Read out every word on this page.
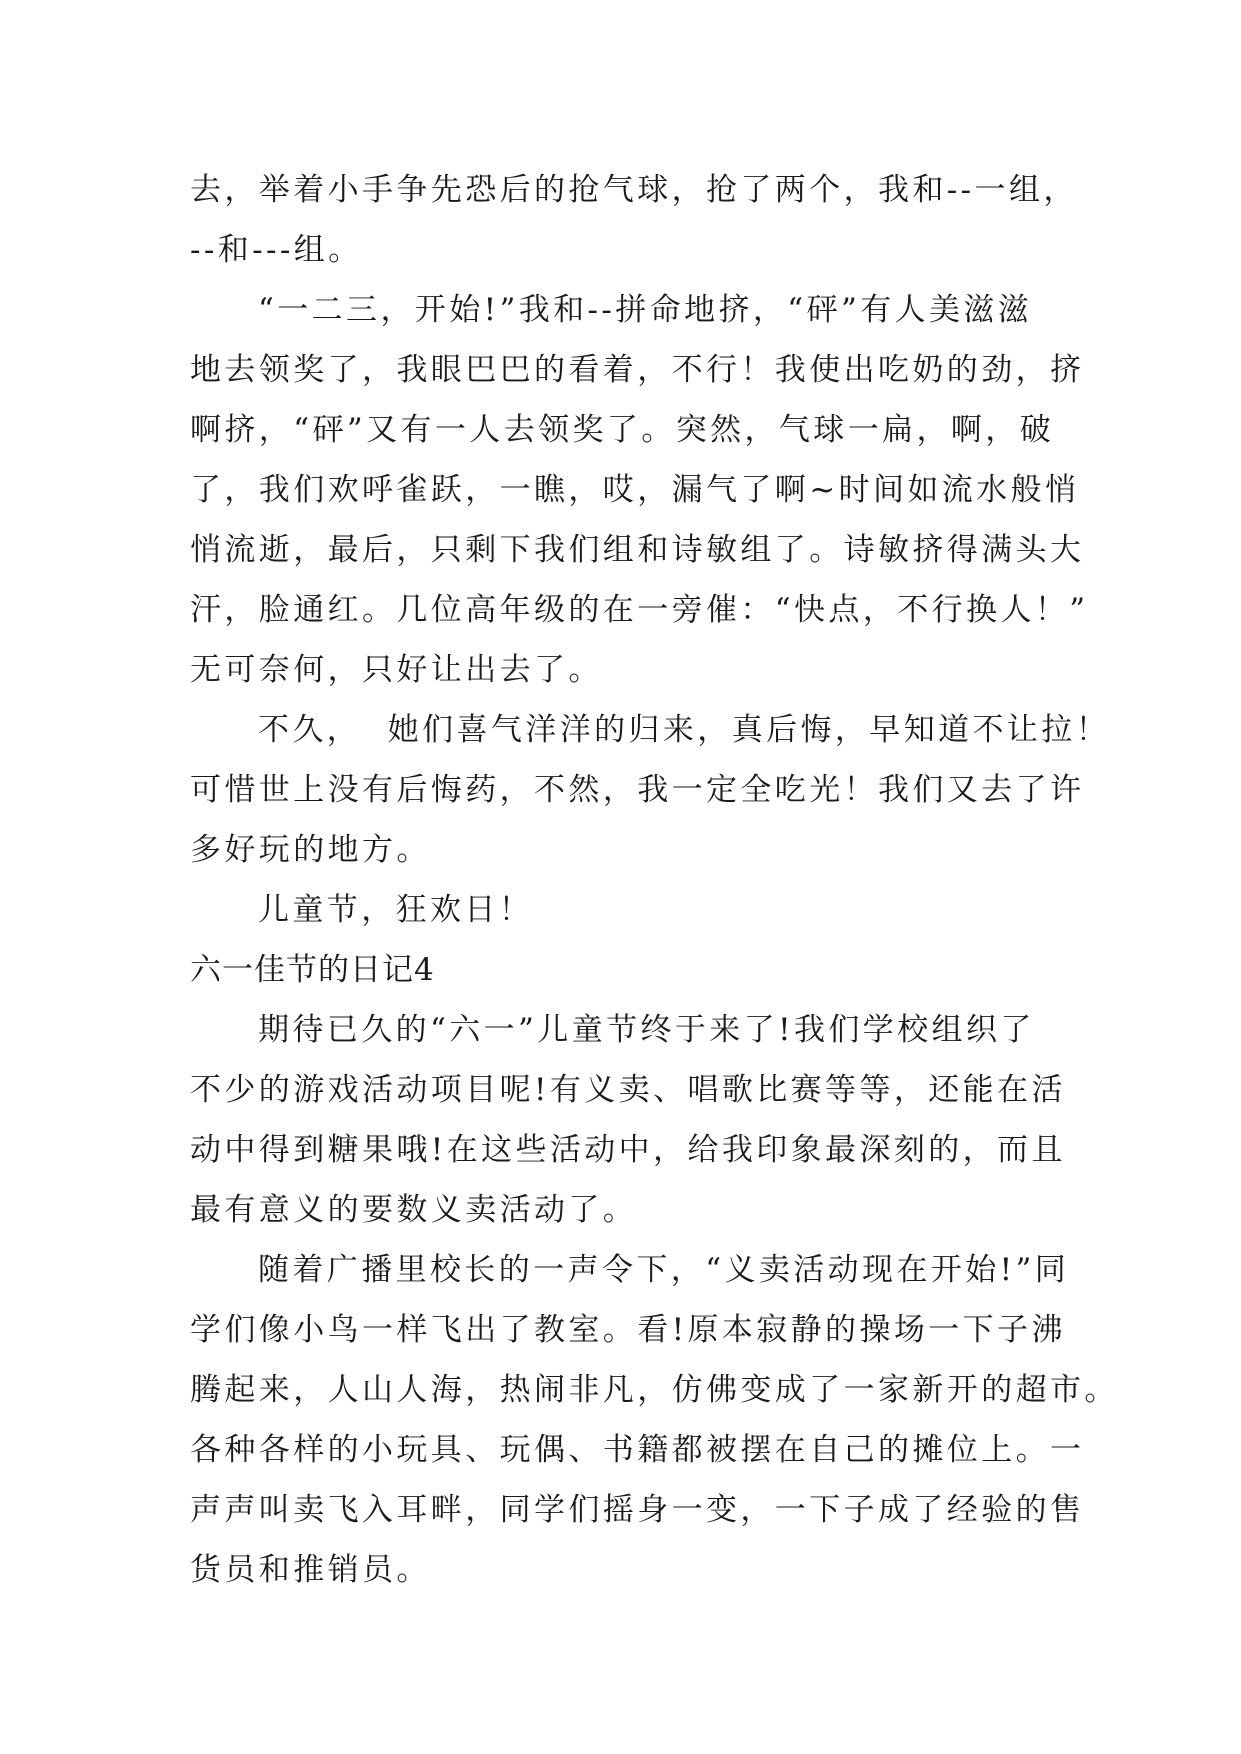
去，举着小手争先恐后的抢气球，抢了两个，我和--一组，
--和---组。
“一二三，开始!”我和--拼命地挤，“砰”有人美滋滋
地去领奖了，我眼巴巴的看着，不行！我使出吃奶的劲，挤
啊挤，“砰”又有一人去领奖了。突然，气球一扁，啊，破
了，我们欢呼雀跃，一瞧，哎，漏气了啊~时间如流水般悄
悄流逝，最后，只剩下我们组和诗敏组了。诗敏挤得满头大
汗，脸通红。几位高年级的在一旁催：“快点，不行换人！”
无可奈何，只好让出去了。
不久，  她们喜气洋洋的归来，真后悔，早知道不让拉！
可惜世上没有后悔药，不然，我一定全吃光！我们又去了许
多好玩的地方。
儿童节，狂欢日！
六一佳节的日记4
期待已久的“六一”儿童节终于来了!我们学校组织了
不少的游戏活动项目呢!有义卖、唱歌比赛等等，还能在活
动中得到糖果哦!在这些活动中，给我印象最深刻的，而且
最有意义的要数义卖活动了。
随着广播里校长的一声令下，“义卖活动现在开始!”同
学们像小鸟一样飞出了教室。看!原本寂静的操场一下子沸
腾起来，人山人海，热闹非凡，仿佛变成了一家新开的超市。
各种各样的小玩具、玩偶、书籍都被摆在自己的摊位上。一
声声叫卖飞入耳畔，同学们摇身一变，一下子成了经验的售
货员和推销员。
